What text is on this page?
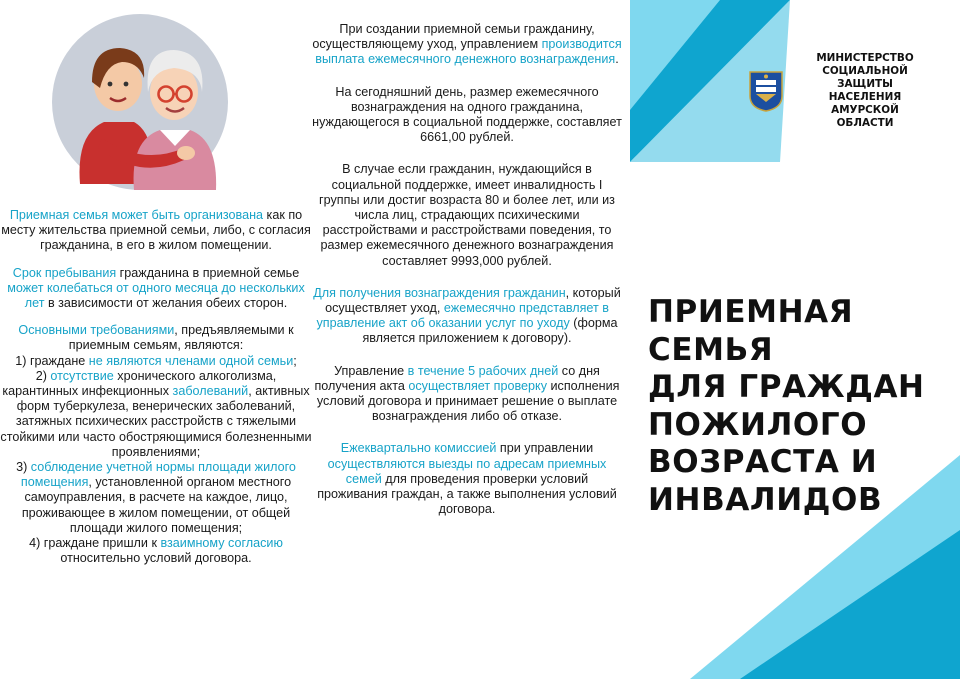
Приемная семья может быть организована как по месту жительства приемной семьи, либо, с согласия гражданина, в его в жилом помещении.

Срок пребывания гражданина в приемной семье может колебаться от одного месяца до нескольких лет в зависимости от желания обеих сторон.

Основными требованиями, предъявляемыми к приемным семьям, являются:

1) граждане не являются членами одной семьи;

2) отсутствие хронического алкоголизма, карантинных инфекционных заболеваний, активных форм туберкулеза, венерических заболеваний, затяжных психических расстройств с тяжелыми стойкими или часто обостряющимися болезненными проявлениями;

3) соблюдение учетной нормы площади жилого помещения, установленной органом местного самоуправления, в расчете на каждое, лицо, проживающее в жилом помещении, от общей площади жилого помещения;

4) граждане пришли к взаимному согласию относительно условий договора.

При создании приемной семьи гражданину, осуществляющему уход, управлением производится выплата ежемесячного денежного вознаграждения.

На сегодняшний день, размер ежемесячного вознаграждения на одного гражданина, нуждающегося в социальной поддержке, составляет 6661,00 рублей.

В случае если гражданин, нуждающийся в социальной поддержке, имеет инвалидность I группы или достиг возраста 80 и более лет, или из числа лиц, страдающих психическими расстройствами и расстройствами поведения, то размер ежемесячного денежного вознаграждения составляет 9993,000 рублей.

Для получения вознаграждения гражданин, который осуществляет уход, ежемесячно представляет в управление акт об оказании услуг по уходу (форма является приложением к договору).

Управление в течение 5 рабочих дней со дня получения акта осуществляет проверку исполнения условий договора и принимает решение о выплате вознаграждения либо об отказе.

Ежеквартально комиссией при управлении осуществляются выезды по адресам приемных семей для проведения проверки условий проживания граждан, а также выполнения условий договора.

МИНИСТЕРСТВО
СОЦИАЛЬНОЙ
ЗАЩИТЫ
НАСЕЛЕНИЯ
АМУРСКОЙ
ОБЛАСТИ
ПРИЕМНАЯ
СЕМЬЯ
ДЛЯ ГРАЖДАН
ПОЖИЛОГО
ВОЗРАСТА И
ИНВАЛИДОВ
